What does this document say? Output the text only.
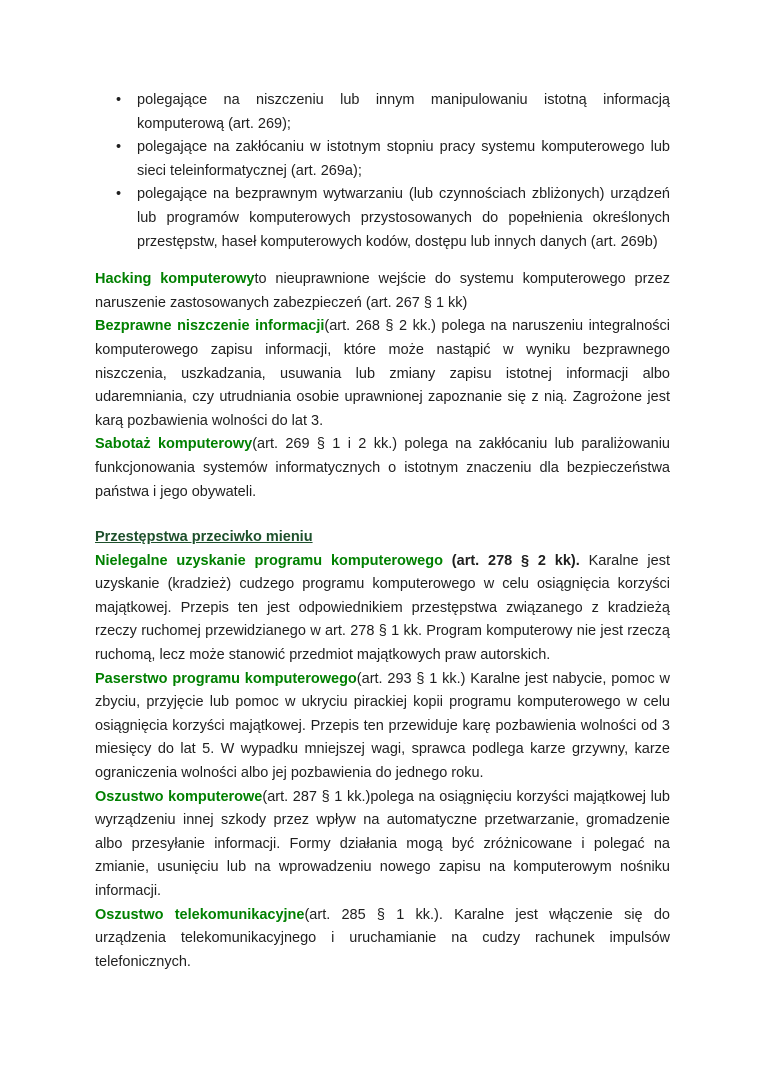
• polegające na niszczeniu lub innym manipulowaniu istotną informacją komputerową (art. 269);
• polegające na zakłócaniu w istotnym stopniu pracy systemu komputerowego lub sieci teleinformatycznej (art. 269a);
• polegające na bezprawnym wytwarzaniu (lub czynnościach zbliżonych) urządzeń lub programów komputerowych przystosowanych do popełnienia określonych przestępstw, haseł komputerowych kodów, dostępu lub innych danych (art. 269b)

Hacking komputerowyto nieuprawnione wejście do systemu komputerowego przez naruszenie zastosowanych zabezpieczeń (art. 267 § 1 kk)

Bezprawne niszczenie informacji(art. 268 § 2 kk.) polega na naruszeniu integralności komputerowego zapisu informacji, które może nastąpić w wyniku bezprawnego niszczenia, uszkadzania, usuwania lub zmiany zapisu istotnej informacji albo udaremniania, czy utrudniania osobie uprawnionej zapoznanie się z nią. Zagrożone jest karą pozbawienia wolności do lat 3.

Sabotaż komputerowy(art. 269 § 1 i 2 kk.) polega na zakłócaniu lub paraliżowaniu funkcjonowania systemów informatycznych o istotnym znaczeniu dla bezpieczeństwa państwa i jego obywateli.

Przestępstwa przeciwko mieniu

Nielegalne uzyskanie programu komputerowego (art. 278 § 2 kk). Karalne jest uzyskanie (kradzież) cudzego programu komputerowego w celu osiągnięcia korzyści majątkowej. Przepis ten jest odpowiednikiem przestępstwa związanego z kradzieżą rzeczy ruchomej przewidzianego w art. 278 § 1 kk. Program komputerowy nie jest rzeczą ruchomą, lecz może stanowić przedmiot majątkowych praw autorskich.

Paserstwo programu komputerowego(art. 293 § 1 kk.) Karalne jest nabycie, pomoc w zbyciu, przyjęcie lub pomoc w ukryciu pirackiej kopii programu komputerowego w celu osiągnięcia korzyści majątkowej. Przepis ten przewiduje karę pozbawienia wolności od 3 miesięcy do lat 5. W wypadku mniejszej wagi, sprawca podlega karze grzywny, karze ograniczenia wolności albo jej pozbawienia do jednego roku.

Oszustwo komputerowe(art. 287 § 1 kk.)polega na osiągnięciu korzyści majątkowej lub wyrządzeniu innej szkody przez wpływ na automatyczne przetwarzanie, gromadzenie albo przesyłanie informacji. Formy działania mogą być zróżnicowane i polegać na zmianie, usunięciu lub na wprowadzeniu nowego zapisu na komputerowym nośniku informacji.

Oszustwo telekomunikacyjne(art. 285 § 1 kk.). Karalne jest włączenie się do urządzenia telekomunikacyjnego i uruchamianie na cudzy rachunek impulsów telefonicznych.
